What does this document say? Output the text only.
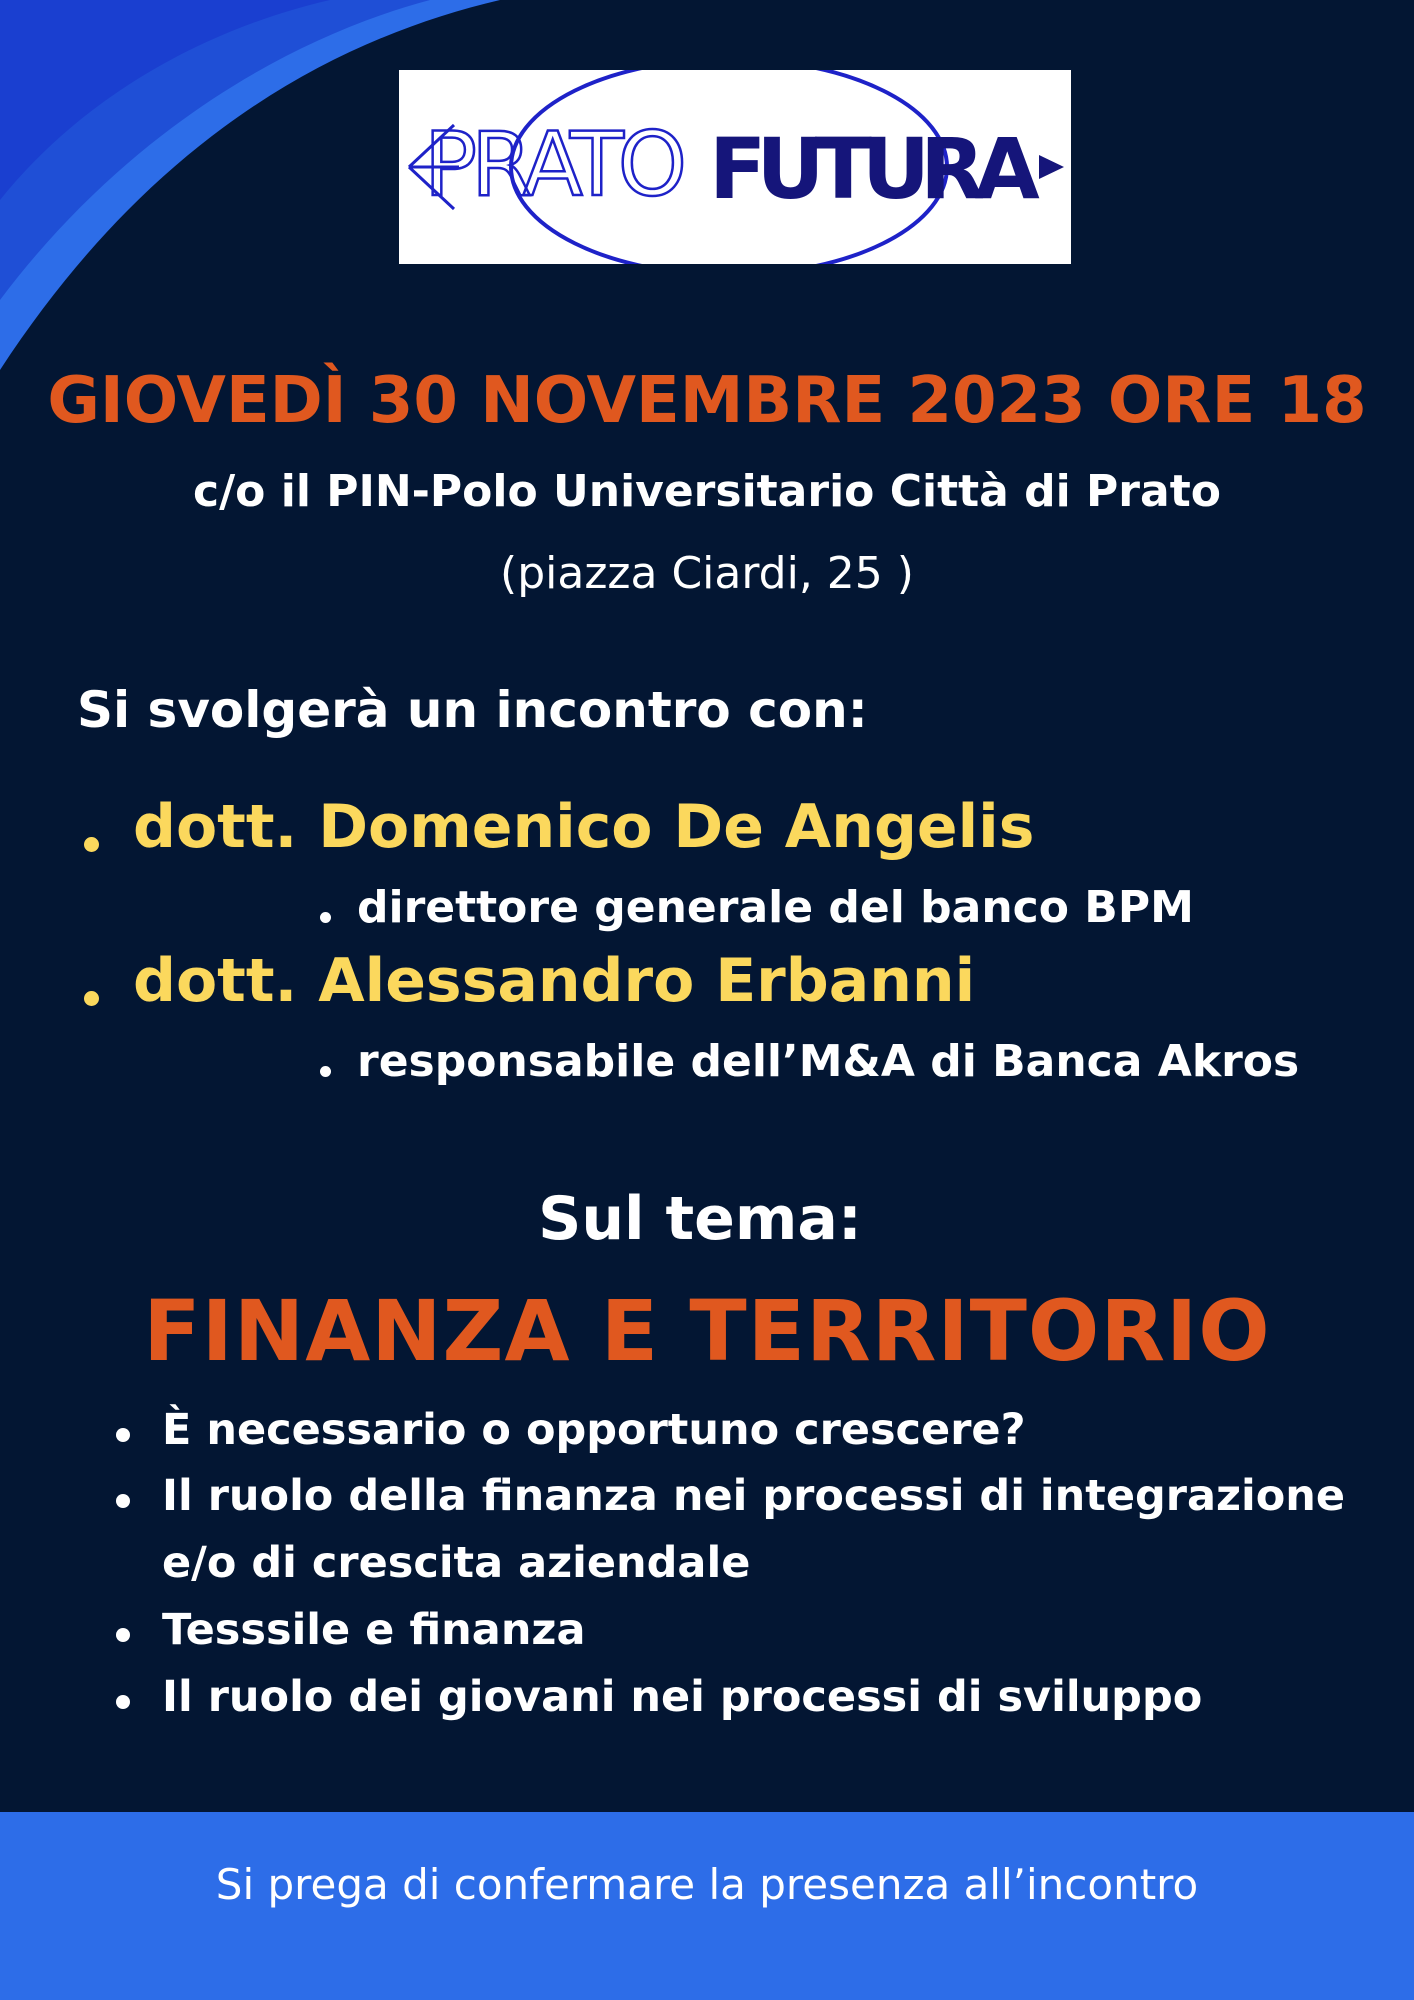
PRATO FUTURA
GIOVEDÌ 30 NOVEMBRE 2023 ORE 18
c/o il PIN-Polo Universitario Città di Prato
(piazza Ciardi, 25 )
Si svolgerà un incontro con:
dott. Domenico De Angelis
direttore generale del banco BPM
dott. Alessandro Erbanni
responsabile dell’M&A di Banca Akros
Sul tema:
FINANZA E TERRITORIO
È necessario o opportuno crescere?
Il ruolo della finanza nei processi di integrazione
e/o di crescita aziendale
Tesssile e finanza
Il ruolo dei giovani nei processi di sviluppo
Si prega di confermare la presenza all’incontro
